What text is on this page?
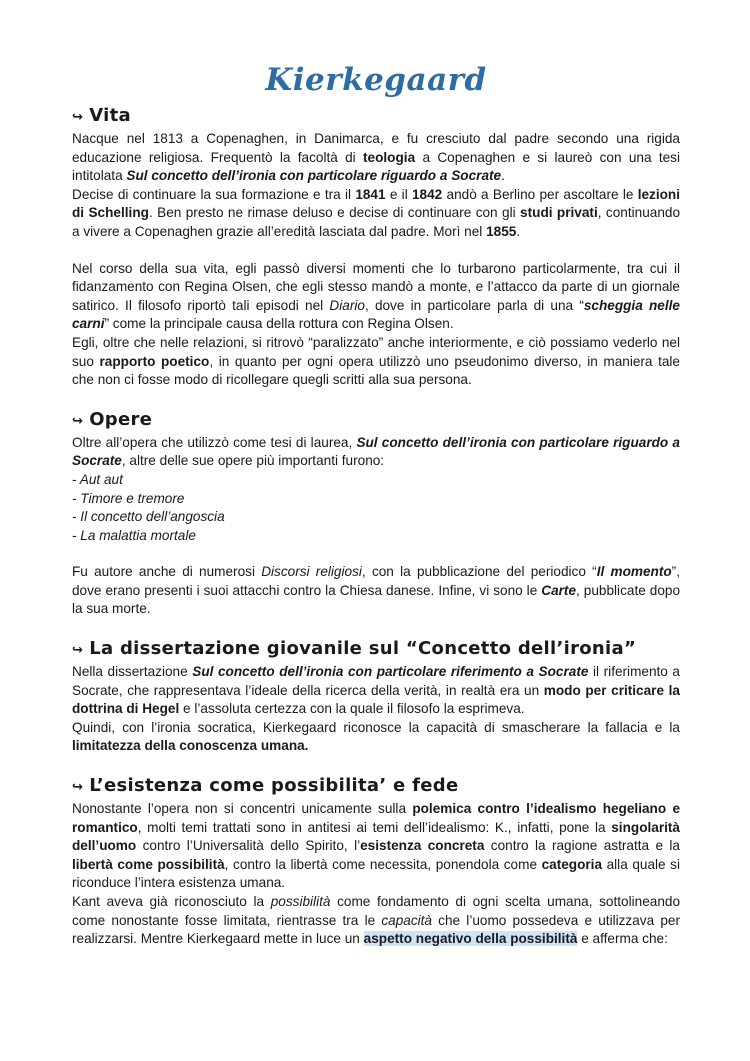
Kierkegaard
↪ Vita

Nacque nel 1813 a Copenaghen, in Danimarca, e fu cresciuto dal padre secondo una rigida educazione religiosa. Frequentò la facoltà di teologia a Copenaghen e si laureò con una tesi intitolata Sul concetto dell’ironia con particolare riguardo a Socrate.

Decise di continuare la sua formazione e tra il 1841 e il 1842 andò a Berlino per ascoltare le lezioni di Schelling. Ben presto ne rimase deluso e decise di continuare con gli studi privati, continuando a vivere a Copenaghen grazie all’eredità lasciata dal padre. Morì nel 1855.

Nel corso della sua vita, egli passò diversi momenti che lo turbarono particolarmente, tra cui il fidanzamento con Regina Olsen, che egli stesso mandò a monte, e l’attacco da parte di un giornale satirico. Il filosofo riportò tali episodi nel Diario, dove in particolare parla di una “scheggia nelle carni” come la principale causa della rottura con Regina Olsen.

Egli, oltre che nelle relazioni, si ritrovò “paralizzato” anche interiormente, e ciò possiamo vederlo nel suo rapporto poetico, in quanto per ogni opera utilizzò uno pseudonimo diverso, in maniera tale che non ci fosse modo di ricollegare quegli scritti alla sua persona.

↪ Opere

Oltre all’opera che utilizzò come tesi di laurea, Sul concetto dell’ironia con particolare riguardo a Socrate, altre delle sue opere più importanti furono:

- Aut aut
- Timore e tremore
- Il concetto dell’angoscia
- La malattia mortale

Fu autore anche di numerosi Discorsi religiosi, con la pubblicazione del periodico “Il momento”, dove erano presenti i suoi attacchi contro la Chiesa danese. Infine, vi sono le Carte, pubblicate dopo la sua morte.

↪ La dissertazione giovanile sul “Concetto dell’ironia”

Nella dissertazione Sul concetto dell’ironia con particolare riferimento a Socrate il riferimento a Socrate, che rappresentava l’ideale della ricerca della verità, in realtà era un modo per criticare la dottrina di Hegel e l’assoluta certezza con la quale il filosofo la esprimeva.

Quindi, con l’ironia socratica, Kierkegaard riconosce la capacità di smascherare la fallacia e la limitatezza della conoscenza umana.

↪ L’esistenza come possibilita’ e fede

Nonostante l’opera non si concentri unicamente sulla polemica contro l’idealismo hegeliano e romantico, molti temi trattati sono in antitesi ai temi dell’idealismo: K., infatti, pone la singolarità dell’uomo contro l’Universalità dello Spirito, l’esistenza concreta contro la ragione astratta e la libertà come possibilità, contro la libertà come necessita, ponendola come categoria alla quale si riconduce l’intera esistenza umana.

Kant aveva già riconosciuto la possibilità come fondamento di ogni scelta umana, sottolineando come nonostante fosse limitata, rientrasse tra le capacità che l’uomo possedeva e utilizzava per realizzarsi. Mentre Kierkegaard mette in luce un aspetto negativo della possibilità e afferma che:
